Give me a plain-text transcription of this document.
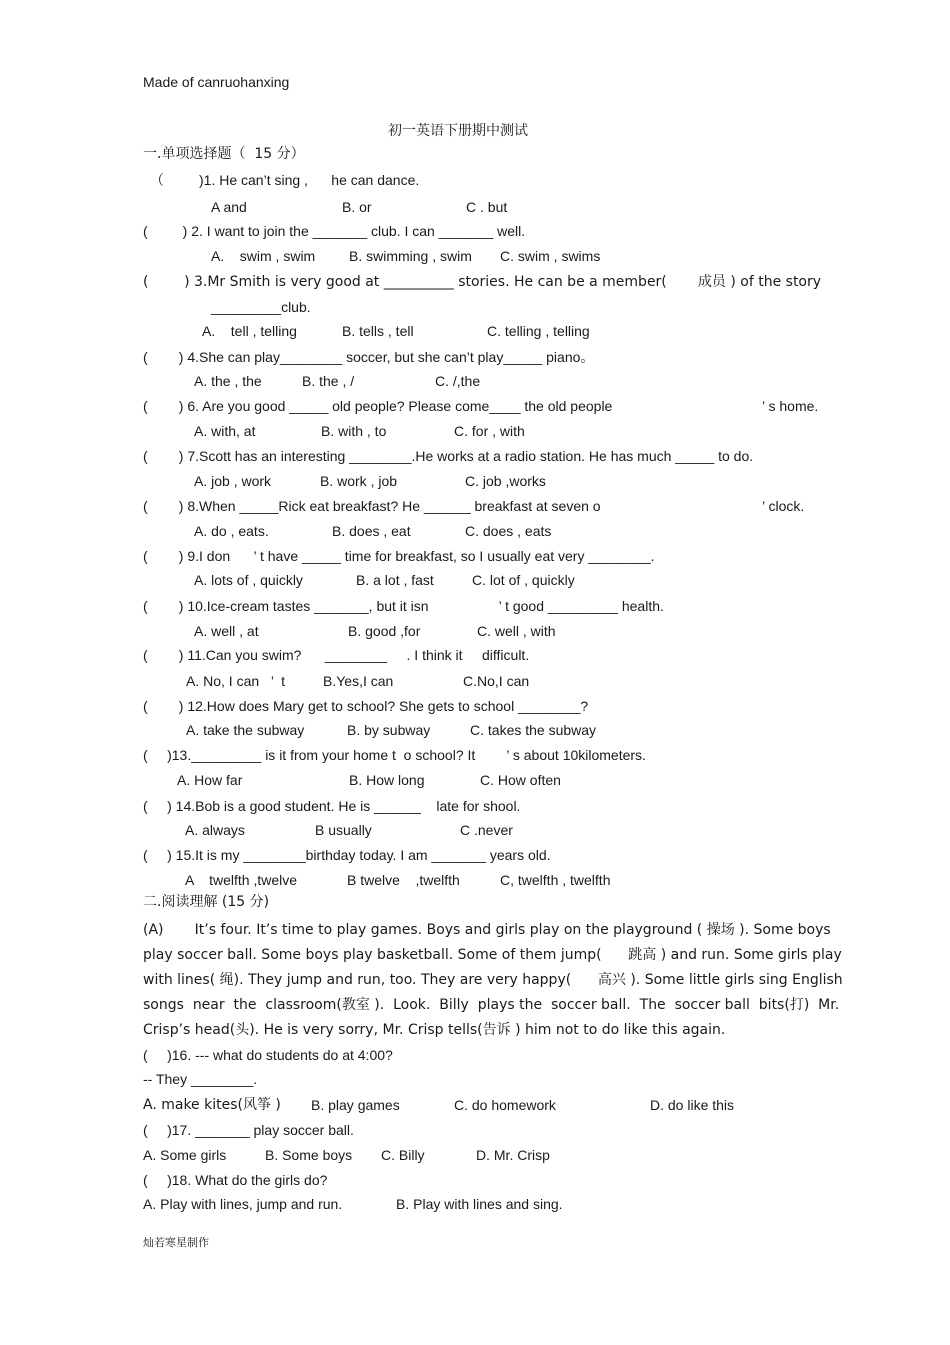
Made of canruohanxing
初一英语下册期中测试
一.单项选择题（  15 分）
（         )1. He can’t sing ,      he can dance.
A and	B. or	C . but
(         ) 2. I want to join the _______ club. I can _______ well.
A.    swim , swim B. swimming , swim C. swim , swims
(        ) 3.Mr Smith is very good at __________ stories. He can be a member(       成员 ) of the story
_________club.
A.    tell , telling	B. tells , tell	C. telling , telling
(        ) 4.She can play________ soccer, but she can’t play_____ piano。
A. the , the	B. the , /	C. /,the
(        ) 6. Are you good _____ old people? Please come____ the old people	’ s home.
A. with, at	B. with , to	C. for , with
(        ) 7.Scott has an interesting ________.He works at a radio station. He has much _____ to do.
A. job , work	B. work , job	C. job ,works
(        ) 8.When _____Rick eat breakfast? He ______ breakfast at seven o	’ clock.
A. do , eats.	B. does , eat	C. does , eats
(        ) 9.I don      ’ t have _____ time for breakfast, so I usually eat very ________.
A. lots of , quickly	B. a lot , fast	C. lot of , quickly
(        ) 10.Ice-cream tastes _______, but it isn                  ’ t good _________ health.
A. well , at	B. good ,for	C. well , with
(        ) 11.Can you swim?      ________     . I think it     difficult.
A. No, I can   ’  t	B.Yes,I can	C.No,I can
(        ) 12.How does Mary get to school? She gets to school ________?
A. take the subway	B. by subway	C. takes the subway
(     )13._________ is it from your home t  o school? It        ’ s about 10kilometers.
A. How far	B. How long	C. How often
(     ) 14.Bob is a good student. He is ______    late for shool.
A. always	B usually	C .never
(     ) 15.It is my ________birthday today. I am _______ years old.
A    twelfth ,twelve	B twelve    ,twelfth	C, twelfth , twelfth
二.阅读理解 (15 分)
(A)       It’s four. It’s time to play games. Boys and girls play on the playground ( 操场 ). Some boys
play soccer ball. Some boys play basketball. Some of them jump(      跳高 ) and run. Some girls play
with lines( 绳). They jump and run, too. They are very happy(      高兴 ). Some little girls sing English
songs  near  the  classroom(教室 ).  Look.  Billy  plays the  soccer ball.  The  soccer ball  bits(打)  Mr.
Crisp’s head(头). He is very sorry, Mr. Crisp tells(告诉 ) him not to do like this again.
(     )16. --- what do students do at 4:00?
-- They ________.
A. make kites(风筝 ) B. play games	C. do homework	D. do like this
(     )17. _______ play soccer ball.
A. Some girls	B. Some boys C. Billy	D. Mr. Crisp
(     )18. What do the girls do?
A. Play with lines, jump and run.	B. Play with lines and sing.
灿若寒星制作
